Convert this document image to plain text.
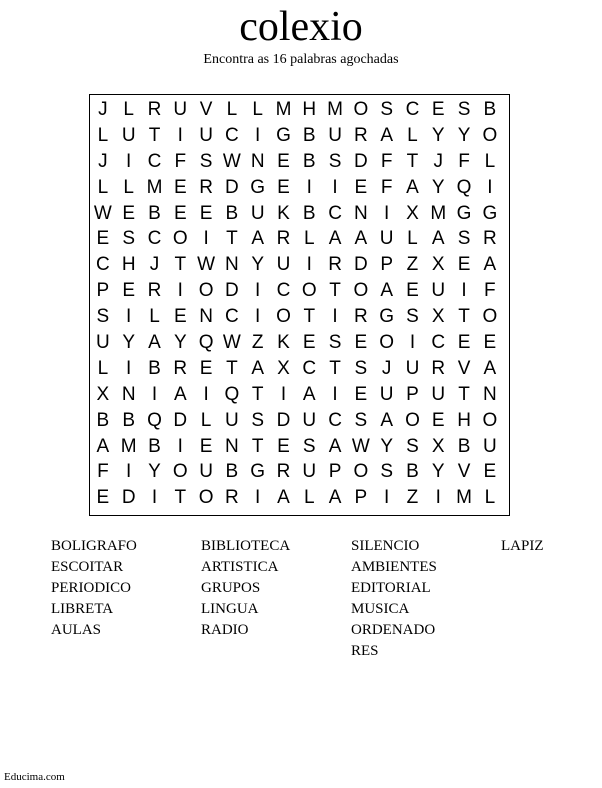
colexio
Encontra as 16 palabras agochadas
J L R U V L L M H M O S C E S B
L U T I U C I G B U R A L Y Y O
J I C F S W N E B S D F T J F L
L L M E R D G E I	I E F A Y Q I
W E B E E B U K B C N I X M G G
E S C O I T A R L A A U L A S R
C H J T W N Y U I R D P Z X E A
P E R I O D I C O T O A E U I F
S I L E N C I O T I R G S X T O
U Y A Y Q W Z K E S E O I C E E
L I B R E T A X C T S J U R V A
X N I A I Q T I A I E U P U T N
B B Q D L U S D U C S A O E H O
A M B I E N T E S A W Y S X B U
F I Y O U B G R U P O S B Y V E
E D I T O R I A L A P I Z I M L
BOLIGRAFO
ESCOITAR
PERIODICO
LIBRETA
AULAS
BIBLIOTECA
ARTISTICA
GRUPOS
LINGUA
RADIO
SILENCIO
AMBIENTES
EDITORIAL
MUSICA
ORDENADORES
LAPIZ
Educima.com
